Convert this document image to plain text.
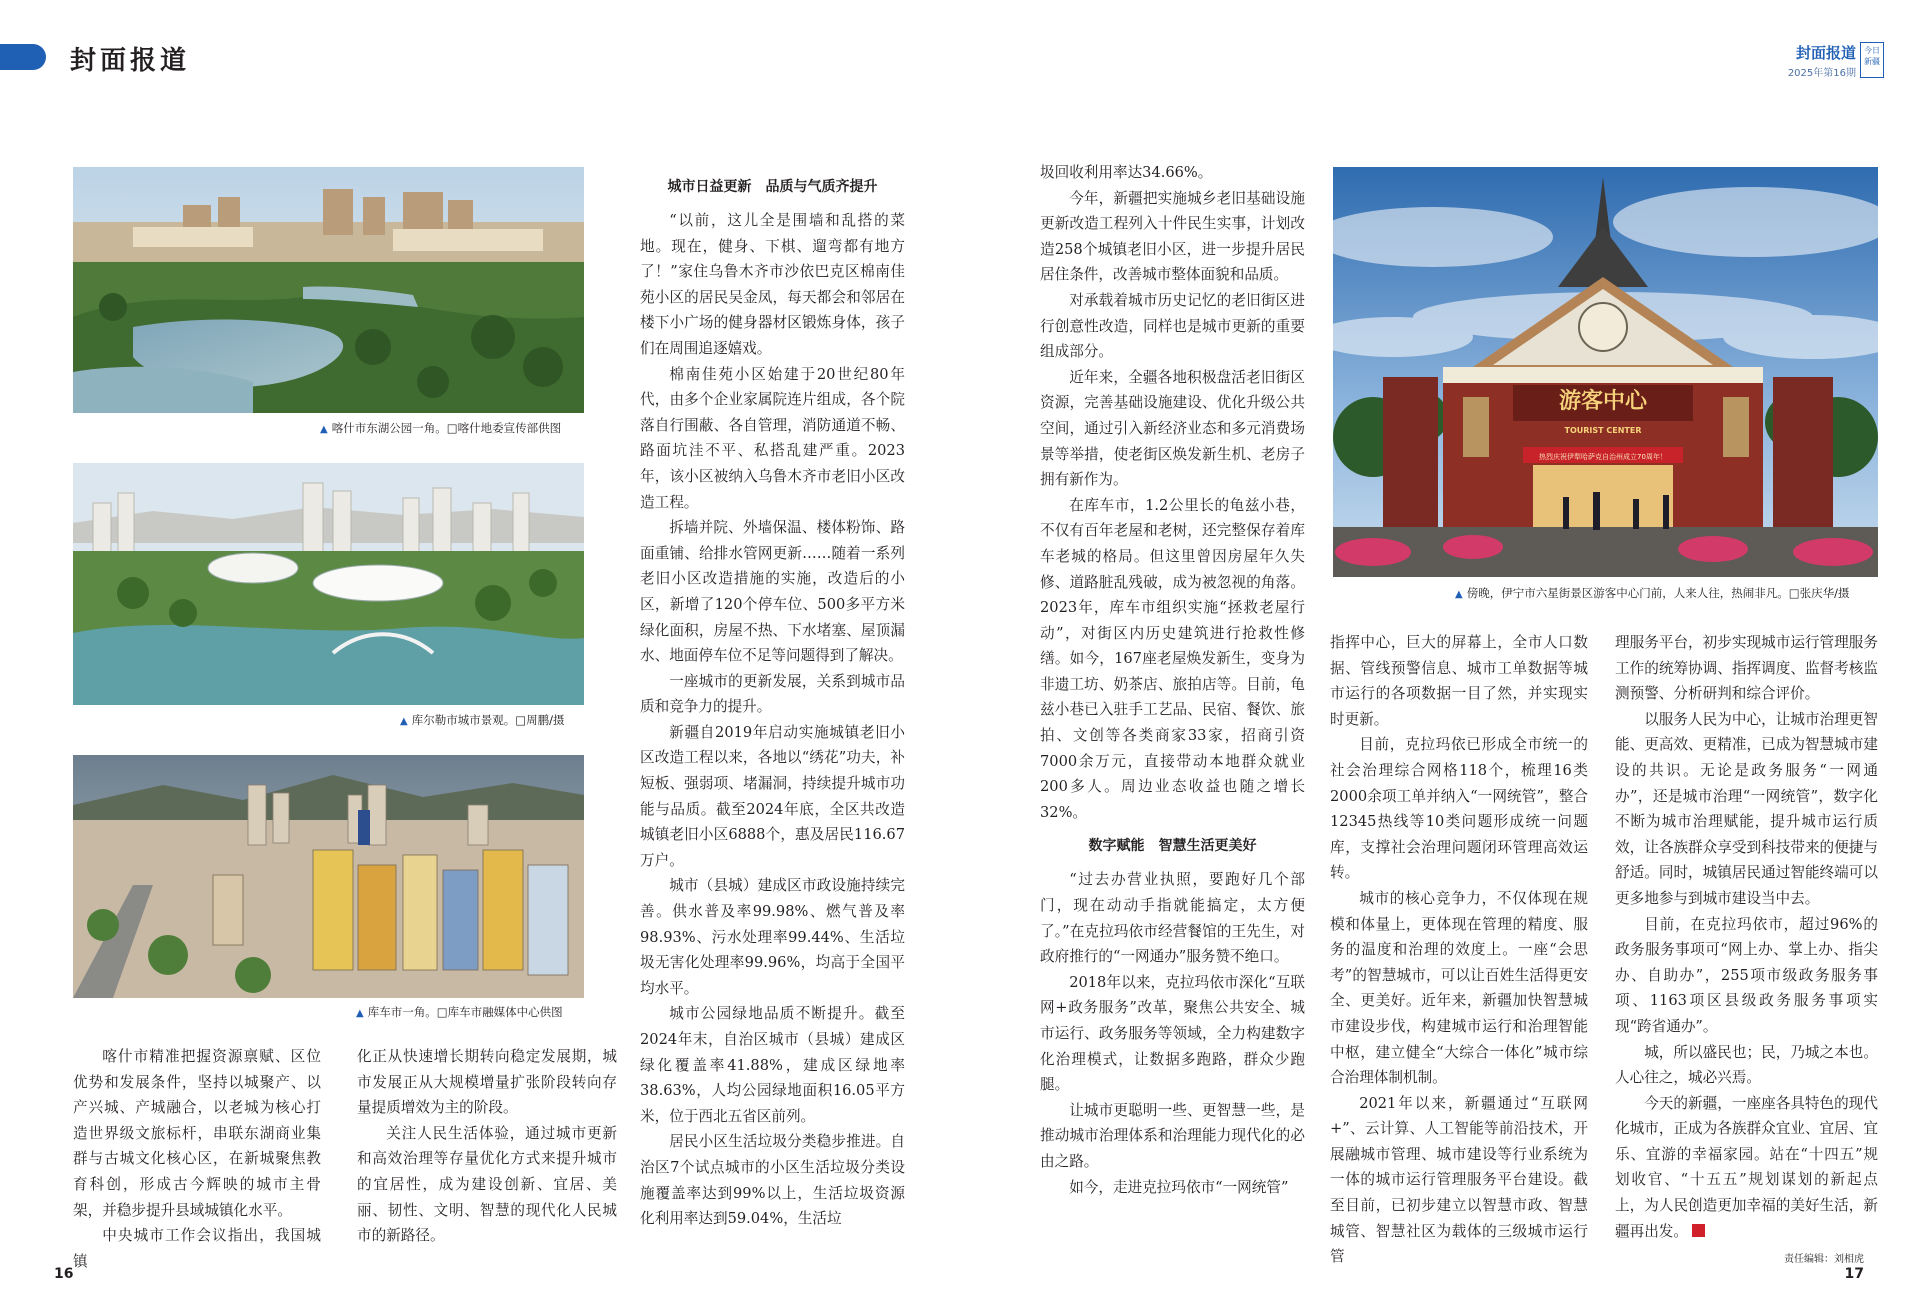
封面报道	封面报道
2025年第16期
今日新疆
▲ 喀什市东湖公园一角。□喀什地委宣传部供图
▲ 库尔勒市城市景观。□周鹏/摄
▲ 库车市一角。□库车市融媒体中心供图
游客中心
TOURIST CENTER
热烈庆祝伊犁哈萨克自治州成立70周年！
▲ 傍晚，伊宁市六星街景区游客中心门前，人来人往，热闹非凡。□张庆华/摄

喀什市精准把握资源禀赋、区位优势和发展条件，坚持以城聚产、以产兴城、产城融合，以老城为核心打造世界级文旅标杆，串联东湖商业集群与古城文化核心区，在新城聚焦教育科创，形成古今辉映的城市主骨架，并稳步提升县域城镇化水平。

中央城市工作会议指出，我国城镇

化正从快速增长期转向稳定发展期，城市发展正从大规模增量扩张阶段转向存量提质增效为主的阶段。

关注人民生活体验，通过城市更新和高效治理等存量优化方式来提升城市的宜居性，成为建设创新、宜居、美丽、韧性、文明、智慧的现代化人民城市的新路径。

城市日益更新　品质与气质齐提升

“以前，这儿全是围墙和乱搭的菜地。现在，健身、下棋、遛弯都有地方了！”家住乌鲁木齐市沙依巴克区棉南佳苑小区的居民吴金凤，每天都会和邻居在楼下小广场的健身器材区锻炼身体，孩子们在周围追逐嬉戏。

棉南佳苑小区始建于20世纪80年代，由多个企业家属院连片组成，各个院落自行围蔽、各自管理，消防通道不畅、路面坑洼不平、私搭乱建严重。2023年，该小区被纳入乌鲁木齐市老旧小区改造工程。

拆墙并院、外墙保温、楼体粉饰、路面重铺、给排水管网更新……随着一系列老旧小区改造措施的实施，改造后的小区，新增了120个停车位、500多平方米绿化面积，房屋不热、下水堵塞、屋顶漏水、地面停车位不足等问题得到了解决。

一座城市的更新发展，关系到城市品质和竞争力的提升。

新疆自2019年启动实施城镇老旧小区改造工程以来，各地以“绣花”功夫，补短板、强弱项、堵漏洞，持续提升城市功能与品质。截至2024年底，全区共改造城镇老旧小区6888个，惠及居民116.67万户。

城市（县城）建成区市政设施持续完善。供水普及率99.98%、燃气普及率98.93%、污水处理率99.44%、生活垃圾无害化处理率99.96%，均高于全国平均水平。

城市公园绿地品质不断提升。截至2024年末，自治区城市（县城）建成区绿化覆盖率41.88%，建成区绿地率38.63%，人均公园绿地面积16.05平方米，位于西北五省区前列。

居民小区生活垃圾分类稳步推进。自治区7个试点城市的小区生活垃圾分类设施覆盖率达到99%以上，生活垃圾资源化利用率达到59.04%，生活垃

圾回收利用率达34.66%。

今年，新疆把实施城乡老旧基础设施更新改造工程列入十件民生实事，计划改造258个城镇老旧小区，进一步提升居民居住条件，改善城市整体面貌和品质。

对承载着城市历史记忆的老旧街区进行创意性改造，同样也是城市更新的重要组成部分。

近年来，全疆各地积极盘活老旧街区资源，完善基础设施建设、优化升级公共空间，通过引入新经济业态和多元消费场景等举措，使老街区焕发新生机、老房子拥有新作为。

在库车市，1.2公里长的龟兹小巷，不仅有百年老屋和老树，还完整保存着库车老城的格局。但这里曾因房屋年久失修、道路脏乱残破，成为被忽视的角落。2023年，库车市组织实施“拯救老屋行动”，对街区内历史建筑进行抢救性修缮。如今，167座老屋焕发新生，变身为非遗工坊、奶茶店、旅拍店等。目前，龟兹小巷已入驻手工艺品、民宿、餐饮、旅拍、文创等各类商家33家，招商引资7000余万元，直接带动本地群众就业200多人。周边业态收益也随之增长32%。

数字赋能　智慧生活更美好

“过去办营业执照，要跑好几个部门，现在动动手指就能搞定，太方便了。”在克拉玛依市经营餐馆的王先生，对政府推行的“一网通办”服务赞不绝口。

2018年以来，克拉玛依市深化“互联网+政务服务”改革，聚焦公共安全、城市运行、政务服务等领域，全力构建数字化治理模式，让数据多跑路，群众少跑腿。

让城市更聪明一些、更智慧一些，是推动城市治理体系和治理能力现代化的必由之路。

如今，走进克拉玛依市“一网统管”

指挥中心，巨大的屏幕上，全市人口数据、管线预警信息、城市工单数据等城市运行的各项数据一目了然，并实现实时更新。

目前，克拉玛依已形成全市统一的社会治理综合网格118个，梳理16类2000余项工单并纳入“一网统管”，整合12345热线等10类问题形成统一问题库，支撑社会治理问题闭环管理高效运转。

城市的核心竞争力，不仅体现在规模和体量上，更体现在管理的精度、服务的温度和治理的效度上。一座“会思考”的智慧城市，可以让百姓生活得更安全、更美好。近年来，新疆加快智慧城市建设步伐，构建城市运行和治理智能中枢，建立健全“大综合一体化”城市综合治理体制机制。

2021年以来，新疆通过“互联网+”、云计算、人工智能等前沿技术，开展融城市管理、城市建设等行业系统为一体的城市运行管理服务平台建设。截至目前，已初步建立以智慧市政、智慧城管、智慧社区为载体的三级城市运行管

理服务平台，初步实现城市运行管理服务工作的统筹协调、指挥调度、监督考核监测预警、分析研判和综合评价。

以服务人民为中心，让城市治理更智能、更高效、更精准，已成为智慧城市建设的共识。无论是政务服务“一网通办”，还是城市治理“一网统管”，数字化不断为城市治理赋能，提升城市运行质效，让各族群众享受到科技带来的便捷与舒适。同时，城镇居民通过智能终端可以更多地参与到城市建设当中去。

目前，在克拉玛依市，超过96%的政务服务事项可“网上办、掌上办、指尖办、自助办”，255项市级政务服务事项、1163项区县级政务服务事项实现“跨省通办”。

城，所以盛民也；民，乃城之本也。人心往之，城必兴焉。

今天的新疆，一座座各具特色的现代化城市，正成为各族群众宜业、宜居、宜乐、宜游的幸福家园。站在“十四五”规划收官、“十五五”规划谋划的新起点上，为人民创造更加幸福的美好生活，新疆再出发。

16	17
责任编辑：刘相虎
